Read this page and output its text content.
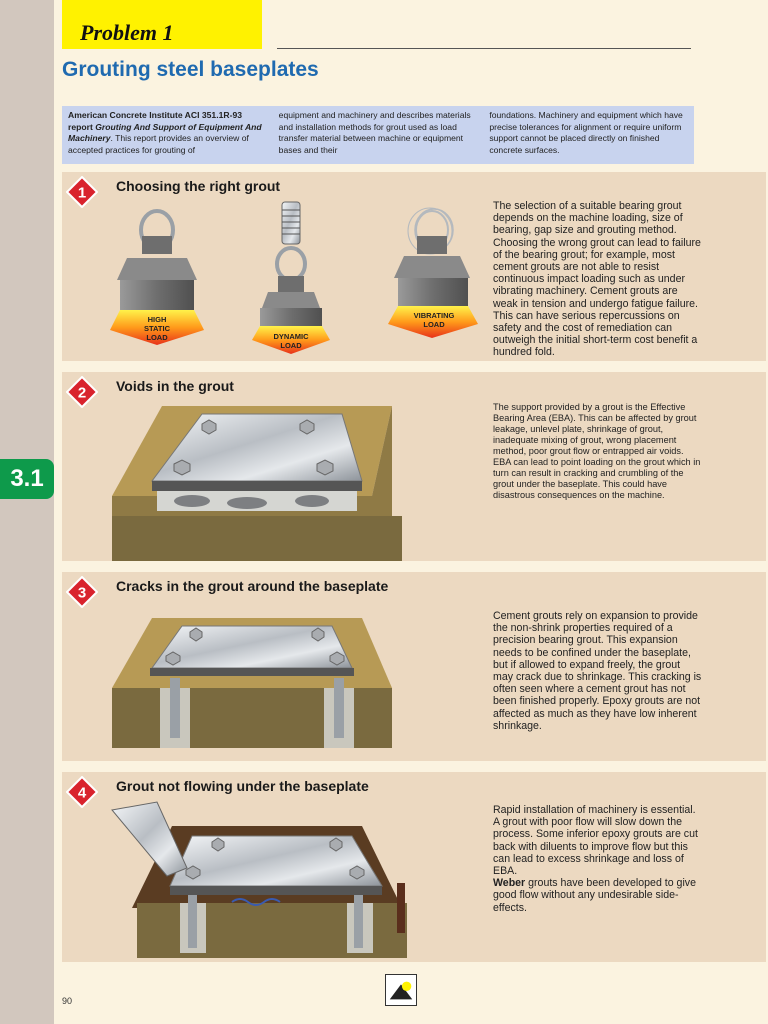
3.1
Problem 1
Grouting steel baseplates
American Concrete Institute ACI 351.1R-93 report Grouting And Support of Equipment And Machinery. This report provides an overview of accepted practices for grouting of
equipment and machinery and describes materials and installation methods for grout used as load transfer material between machine or equipment bases and their
foundations. Machinery and equipment which have precise tolerances for alignment or require uniform support cannot be placed directly on finished concrete surfaces.
1 Choosing the right grout
HIGH
STATIC
LOAD	DYNAMIC
LOAD
VIBRATING
LOAD
The selection of a suitable bearing grout depends on the machine loading, size of bearing, gap size and grouting method. Choosing the wrong grout can lead to failure of the bearing grout; for example, most cement grouts are not able to resist continuous impact loading such as under vibrating machinery. Cement grouts are weak in tension and undergo fatigue failure. This can have serious repercussions on safety and the cost of remediation can outweigh the initial short-term cost benefit a hundred fold.
2 Voids in the grout
The support provided by a grout is the Effective Bearing Area (EBA). This can be affected by grout leakage, unlevel plate, shrinkage of grout, inadequate mixing of grout, wrong placement method, poor grout flow or entrapped air voids. EBA can lead to point loading on the grout which in turn can result in cracking and crumbling of the grout under the baseplate. This could have disastrous consequences on the machine.
3 Cracks in the grout around the baseplate
Cement grouts rely on expansion to provide the non-shrink properties required of a precision bearing grout. This expansion needs to be confined under the baseplate, but if allowed to expand freely, the grout may crack due to shrinkage. This cracking is often seen where a cement grout has not been finished properly. Epoxy grouts are not affected as much as they have low inherent shrinkage.
4 Grout not flowing under the baseplate
Rapid installation of machinery is essential. A grout with poor flow will slow down the process. Some inferior epoxy grouts are cut back with diluents to improve flow but this can lead to excess shrinkage and loss of EBA.
Weber grouts have been developed to give good flow without any undesirable side-effects.
90
